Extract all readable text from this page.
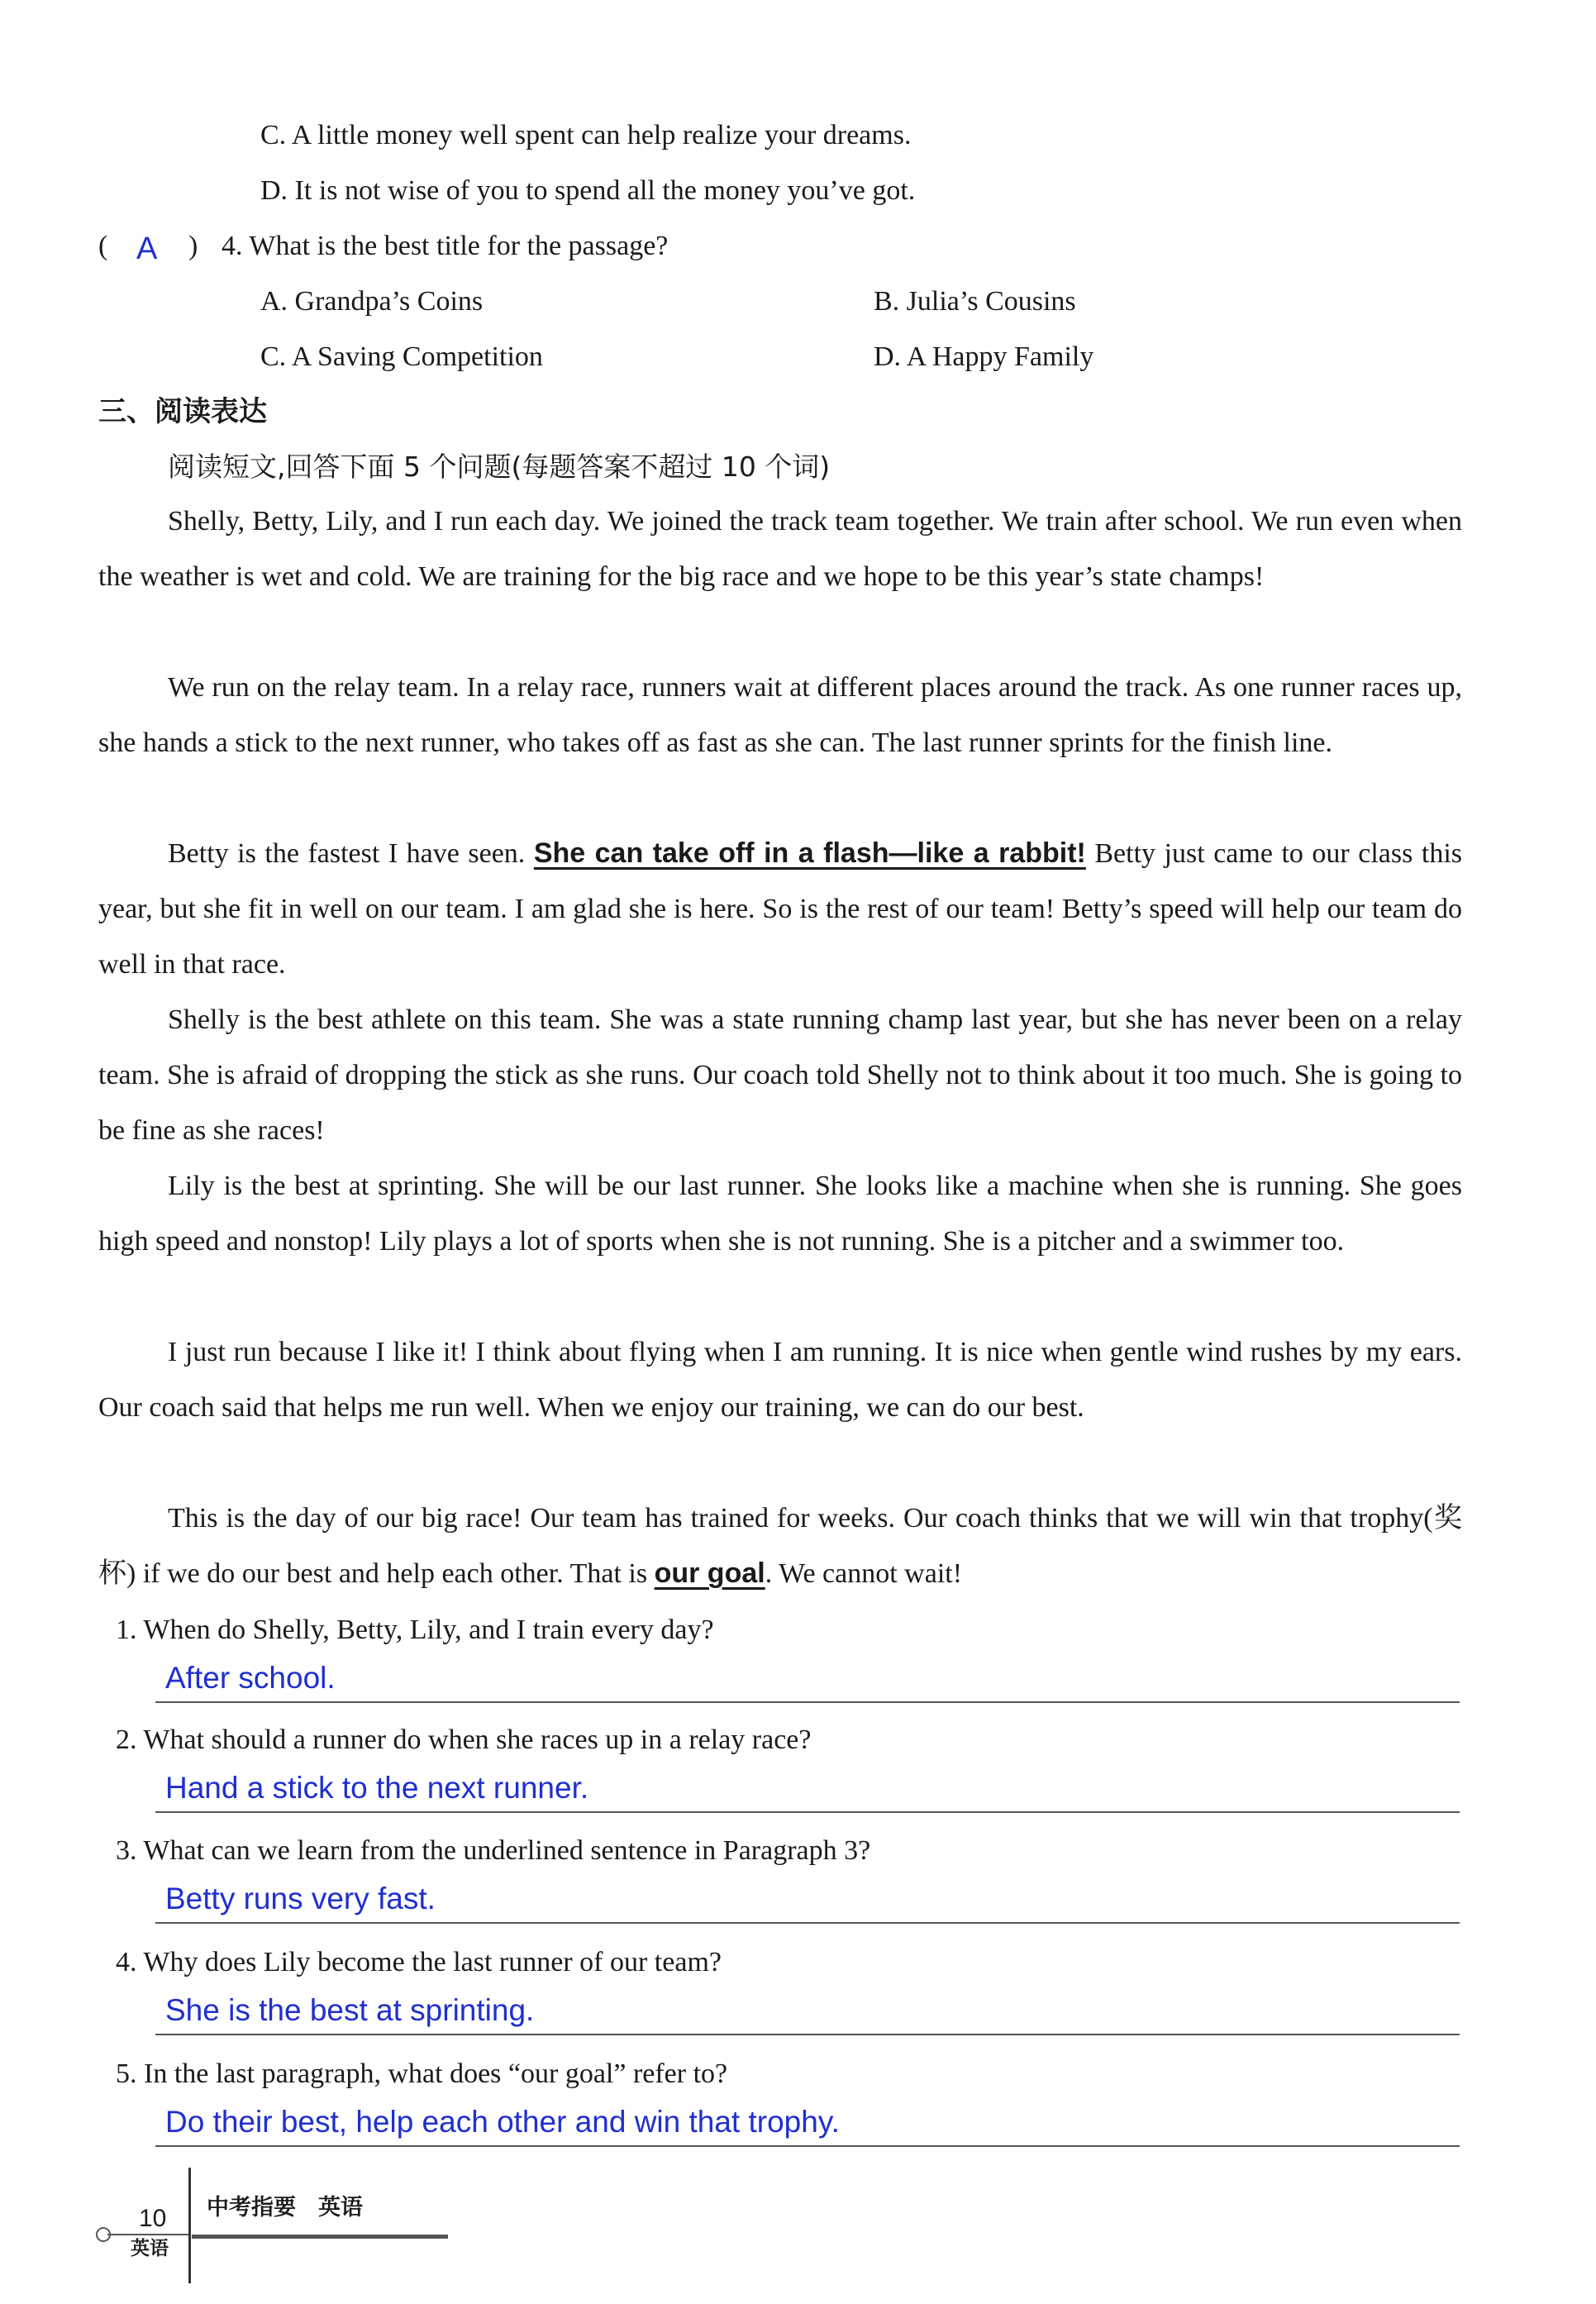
C. A little money well spent can help realize your dreams.
D. It is not wise of you to spend all the money you’ve got.
( A ) 4. What is the best title for the passage?
A. Grandpa’s Coins	B. Julia’s Cousins
C. A Saving Competition	D. A Happy Family
三、阅读表达
阅读短文,回答下面 5 个问题(每题答案不超过 10 个词)
Shelly, Betty, Lily, and I run each day. We joined the track team together. We train after school. We run even when the weather is wet and cold. We are training for the big race and we hope to be this year’s state champs!
We run on the relay team. In a relay race, runners wait at different places around the track. As one runner races up, she hands a stick to the next runner, who takes off as fast as she can. The last runner sprints for the finish line.
Betty is the fastest I have seen. She can take off in a flash—like a rabbit! Betty just came to our class this year, but she fit in well on our team. I am glad she is here. So is the rest of our team! Betty’s speed will help our team do well in that race.
Shelly is the best athlete on this team. She was a state running champ last year, but she has never been on a relay team. She is afraid of dropping the stick as she runs. Our coach told Shelly not to think about it too much. She is going to be fine as she races!
Lily is the best at sprinting. She will be our last runner. She looks like a machine when she is running. She goes high speed and nonstop! Lily plays a lot of sports when she is not running. She is a pitcher and a swimmer too.
I just run because I like it! I think about flying when I am running. It is nice when gentle wind rushes by my ears. Our coach said that helps me run well. When we enjoy our training, we can do our best.
This is the day of our big race! Our team has trained for weeks. Our coach thinks that we will win that trophy(奖杯) if we do our best and help each other. That is our goal. We cannot wait!
1. When do Shelly, Betty, Lily, and I train every day?
After school.
2. What should a runner do when she races up in a relay race?
Hand a stick to the next runner.
3. What can we learn from the underlined sentence in Paragraph 3?
Betty runs very fast.
4. Why does Lily become the last runner of our team?
She is the best at sprinting.
5. In the last paragraph, what does “our goal” refer to?
Do their best, help each other and win that trophy.
10 中考指要　英语
英语
